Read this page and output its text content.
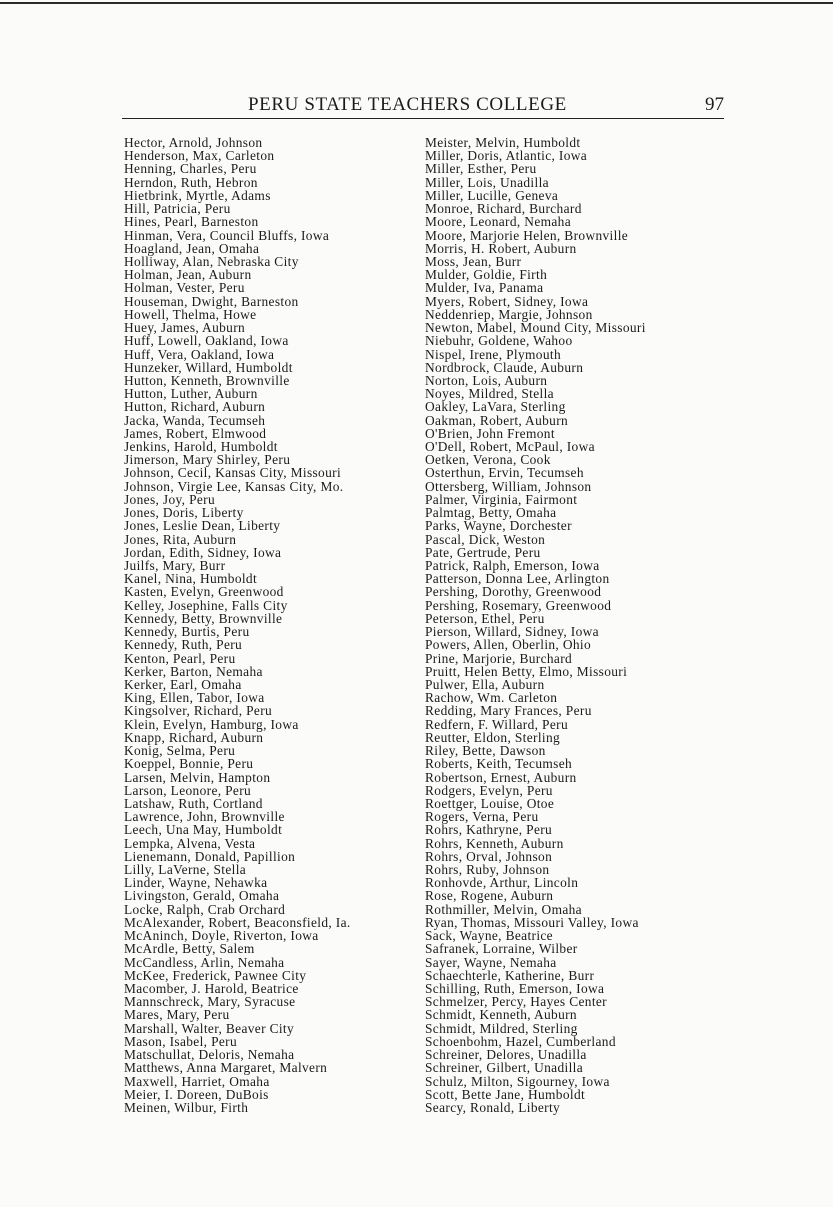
PERU STATE TEACHERS COLLEGE	97
Hector, Arnold, Johnson
Henderson, Max, Carleton
Henning, Charles, Peru
Herndon, Ruth, Hebron
Hietbrink, Myrtle, Adams
Hill, Patricia, Peru
Hines, Pearl, Barneston
Hinman, Vera, Council Bluffs, Iowa
Hoagland, Jean, Omaha
Holliway, Alan, Nebraska City
Holman, Jean, Auburn
Holman, Vester, Peru
Houseman, Dwight, Barneston
Howell, Thelma, Howe
Huey, James, Auburn
Huff, Lowell, Oakland, Iowa
Huff, Vera, Oakland, Iowa
Hunzeker, Willard, Humboldt
Hutton, Kenneth, Brownville
Hutton, Luther, Auburn
Hutton, Richard, Auburn
Jacka, Wanda, Tecumseh
James, Robert, Elmwood
Jenkins, Harold, Humboldt
Jimerson, Mary Shirley, Peru
Johnson, Cecil, Kansas City, Missouri
Johnson, Virgie Lee, Kansas City, Mo.
Jones, Joy, Peru
Jones, Doris, Liberty
Jones, Leslie Dean, Liberty
Jones, Rita, Auburn
Jordan, Edith, Sidney, Iowa
Juilfs, Mary, Burr
Kanel, Nina, Humboldt
Kasten, Evelyn, Greenwood
Kelley, Josephine, Falls City
Kennedy, Betty, Brownville
Kennedy, Burtis, Peru
Kennedy, Ruth, Peru
Kenton, Pearl, Peru
Kerker, Barton, Nemaha
Kerker, Earl, Omaha
King, Ellen, Tabor, Iowa
Kingsolver, Richard, Peru
Klein, Evelyn, Hamburg, Iowa
Knapp, Richard, Auburn
Konig, Selma, Peru
Koeppel, Bonnie, Peru
Larsen, Melvin, Hampton
Larson, Leonore, Peru
Latshaw, Ruth, Cortland
Lawrence, John, Brownville
Leech, Una May, Humboldt
Lempka, Alvena, Vesta
Lienemann, Donald, Papillion
Lilly, LaVerne, Stella
Linder, Wayne, Nehawka
Livingston, Gerald, Omaha
Locke, Ralph, Crab Orchard
McAlexander, Robert, Beaconsfield, Ia.
McAninch, Doyle, Riverton, Iowa
McArdle, Betty, Salem
McCandless, Arlin, Nemaha
McKee, Frederick, Pawnee City
Macomber, J. Harold, Beatrice
Mannschreck, Mary, Syracuse
Mares, Mary, Peru
Marshall, Walter, Beaver City
Mason, Isabel, Peru
Matschullat, Deloris, Nemaha
Matthews, Anna Margaret, Malvern
Maxwell, Harriet, Omaha
Meier, I. Doreen, DuBois
Meinen, Wilbur, Firth
Meister, Melvin, Humboldt
Miller, Doris, Atlantic, Iowa
Miller, Esther, Peru
Miller, Lois, Unadilla
Miller, Lucille, Geneva
Monroe, Richard, Burchard
Moore, Leonard, Nemaha
Moore, Marjorie Helen, Brownville
Morris, H. Robert, Auburn
Moss, Jean, Burr
Mulder, Goldie, Firth
Mulder, Iva, Panama
Myers, Robert, Sidney, Iowa
Neddenriep, Margie, Johnson
Newton, Mabel, Mound City, Missouri
Niebuhr, Goldene, Wahoo
Nispel, Irene, Plymouth
Nordbrock, Claude, Auburn
Norton, Lois, Auburn
Noyes, Mildred, Stella
Oakley, LaVara, Sterling
Oakman, Robert, Auburn
O'Brien, John Fremont
O'Dell, Robert, McPaul, Iowa
Oetken, Verona, Cook
Osterthun, Ervin, Tecumseh
Ottersberg, William, Johnson
Palmer, Virginia, Fairmont
Palmtag, Betty, Omaha
Parks, Wayne, Dorchester
Pascal, Dick, Weston
Pate, Gertrude, Peru
Patrick, Ralph, Emerson, Iowa
Patterson, Donna Lee, Arlington
Pershing, Dorothy, Greenwood
Pershing, Rosemary, Greenwood
Peterson, Ethel, Peru
Pierson, Willard, Sidney, Iowa
Powers, Allen, Oberlin, Ohio
Prine, Marjorie, Burchard
Pruitt, Helen Betty, Elmo, Missouri
Pulwer, Ella, Auburn
Rachow, Wm. Carleton
Redding, Mary Frances, Peru
Redfern, F. Willard, Peru
Reutter, Eldon, Sterling
Riley, Bette, Dawson
Roberts, Keith, Tecumseh
Robertson, Ernest, Auburn
Rodgers, Evelyn, Peru
Roettger, Louise, Otoe
Rogers, Verna, Peru
Rohrs, Kathryne, Peru
Rohrs, Kenneth, Auburn
Rohrs, Orval, Johnson
Rohrs, Ruby, Johnson
Ronhovde, Arthur, Lincoln
Rose, Rogene, Auburn
Rothmiller, Melvin, Omaha
Ryan, Thomas, Missouri Valley, Iowa
Sack, Wayne, Beatrice
Safranek, Lorraine, Wilber
Sayer, Wayne, Nemaha
Schaechterle, Katherine, Burr
Schilling, Ruth, Emerson, Iowa
Schmelzer, Percy, Hayes Center
Schmidt, Kenneth, Auburn
Schmidt, Mildred, Sterling
Schoenbohm, Hazel, Cumberland
Schreiner, Delores, Unadilla
Schreiner, Gilbert, Unadilla
Schulz, Milton, Sigourney, Iowa
Scott, Bette Jane, Humboldt
Searcy, Ronald, Liberty
